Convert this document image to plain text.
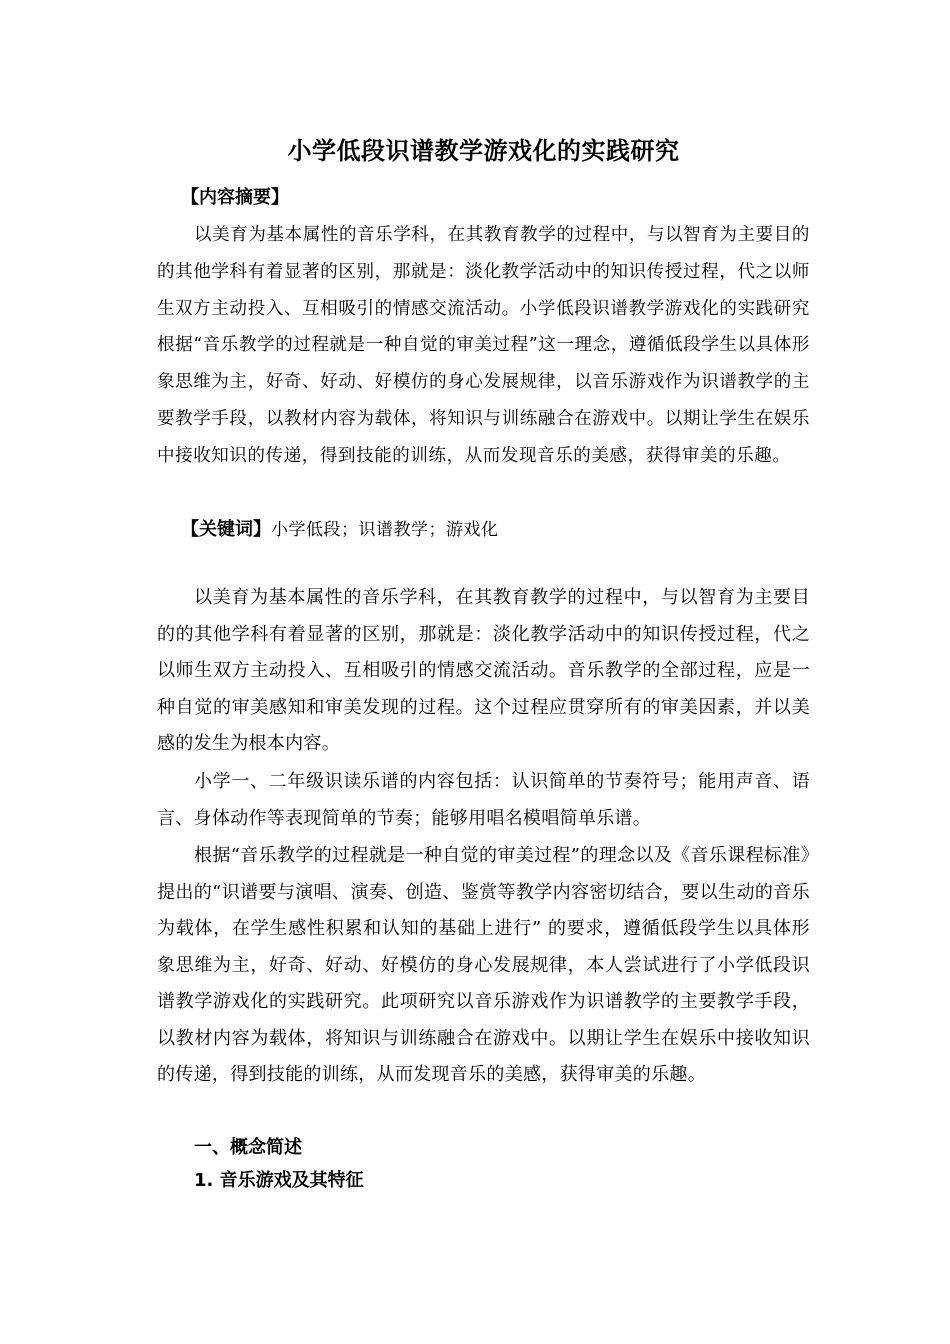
小学低段识谱教学游戏化的实践研究
【内容摘要】

以美育为基本属性的音乐学科，在其教育教学的过程中，与以智育为主要目的的其他学科有着显著的区别，那就是：淡化教学活动中的知识传授过程，代之以师生双方主动投入、互相吸引的情感交流活动。小学低段识谱教学游戏化的实践研究根据“音乐教学的过程就是一种自觉的审美过程”这一理念，遵循低段学生以具体形象思维为主，好奇、好动、好模仿的身心发展规律，以音乐游戏作为识谱教学的主要教学手段，以教材内容为载体，将知识与训练融合在游戏中。以期让学生在娱乐中接收知识的传递，得到技能的训练，从而发现音乐的美感，获得审美的乐趣。

【关键词】小学低段；识谱教学；游戏化

以美育为基本属性的音乐学科，在其教育教学的过程中，与以智育为主要目的的其他学科有着显著的区别，那就是：淡化教学活动中的知识传授过程，代之以师生双方主动投入、互相吸引的情感交流活动。音乐教学的全部过程，应是一种自觉的审美感知和审美发现的过程。这个过程应贯穿所有的审美因素，并以美感的发生为根本内容。

小学一、二年级识读乐谱的内容包括：认识简单的节奏符号；能用声音、语言、身体动作等表现简单的节奏；能够用唱名模唱简单乐谱。

根据“音乐教学的过程就是一种自觉的审美过程”的理念以及《音乐课程标准》提出的“识谱要与演唱、演奏、创造、鉴赏等教学内容密切结合，要以生动的音乐为载体，在学生感性积累和认知的基础上进行” 的要求，遵循低段学生以具体形象思维为主，好奇、好动、好模仿的身心发展规律，本人尝试进行了小学低段识谱教学游戏化的实践研究。此项研究以音乐游戏作为识谱教学的主要教学手段，以教材内容为载体，将知识与训练融合在游戏中。以期让学生在娱乐中接收知识的传递，得到技能的训练，从而发现音乐的美感，获得审美的乐趣。

一、概念简述
1. 音乐游戏及其特征
